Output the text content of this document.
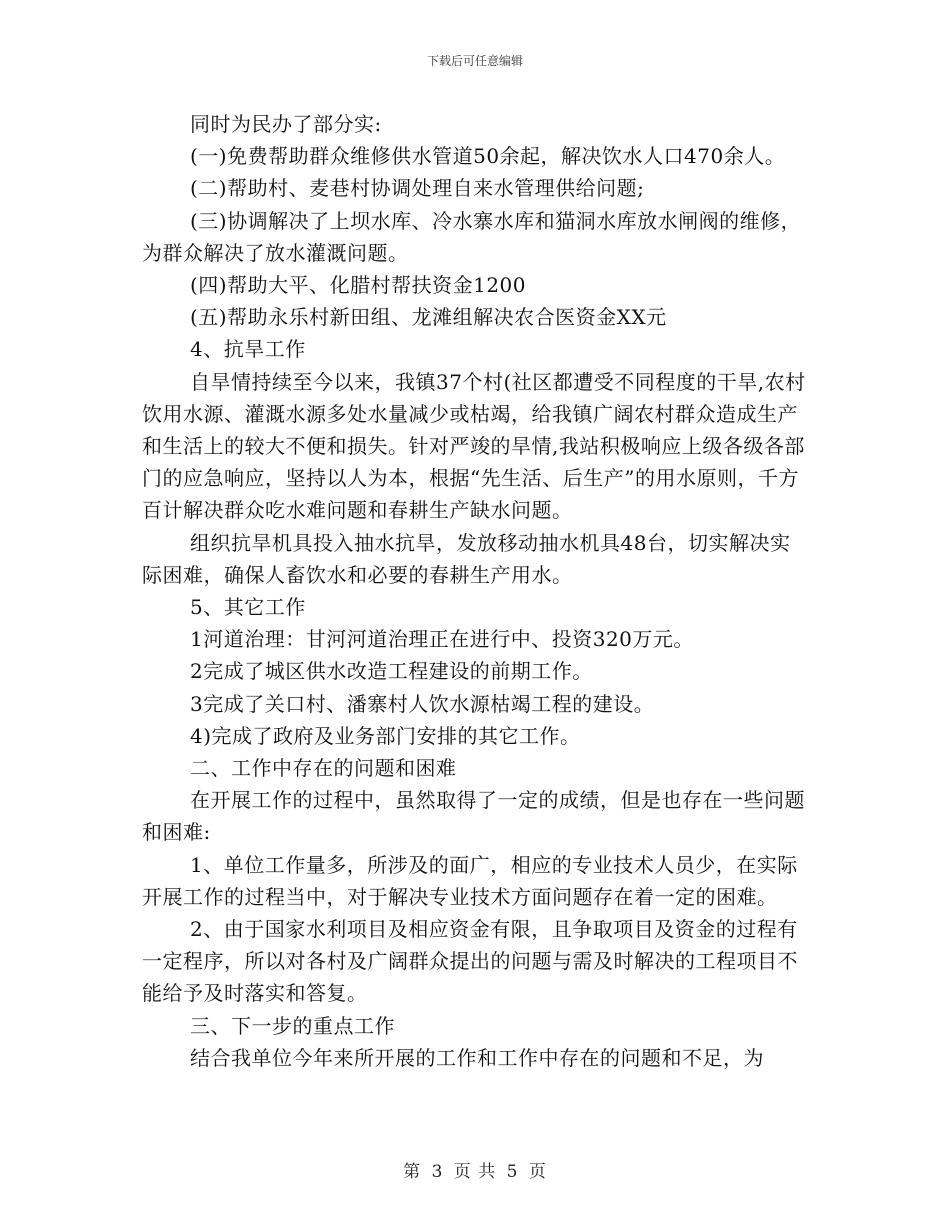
下载后可任意编辑

同时为民办了部分实:

(一)免费帮助群众维修供水管道50余起，解决饮水人口470余人。

(二)帮助村、麦巷村协调处理自来水管理供给问题;

(三)协调解决了上坝水库、冷水寨水库和猫洞水库放水闸阀的维修，为群众解决了放水灌溉问题。

(四)帮助大平、化腊村帮扶资金1200

(五)帮助永乐村新田组、龙滩组解决农合医资金XX元

4、抗旱工作

自旱情持续至今以来，我镇37个村(社区都遭受不同程度的干旱,农村饮用水源、灌溉水源多处水量减少或枯竭，给我镇广阔农村群众造成生产和生活上的较大不便和损失。针对严竣的旱情,我站积极响应上级各级各部门的应急响应，坚持以人为本，根据“先生活、后生产”的用水原则，千方百计解决群众吃水难问题和春耕生产缺水问题。

组织抗旱机具投入抽水抗旱，发放移动抽水机具48台，切实解决实际困难，确保人畜饮水和必要的春耕生产用水。

5、其它工作

1河道治理：甘河河道治理正在进行中、投资320万元。

2完成了城区供水改造工程建设的前期工作。

3完成了关口村、潘寨村人饮水源枯竭工程的建设。

4)完成了政府及业务部门安排的其它工作。

二、工作中存在的问题和困难

在开展工作的过程中，虽然取得了一定的成绩，但是也存在一些问题和困难:

1、单位工作量多，所涉及的面广，相应的专业技术人员少，在实际开展工作的过程当中，对于解决专业技术方面问题存在着一定的困难。

2、由于国家水利项目及相应资金有限，且争取项目及资金的过程有一定程序，所以对各村及广阔群众提出的问题与需及时解决的工程项目不能给予及时落实和答复。

三、下一步的重点工作

结合我单位今年来所开展的工作和工作中存在的问题和不足，为

第 3 页 共 5 页
